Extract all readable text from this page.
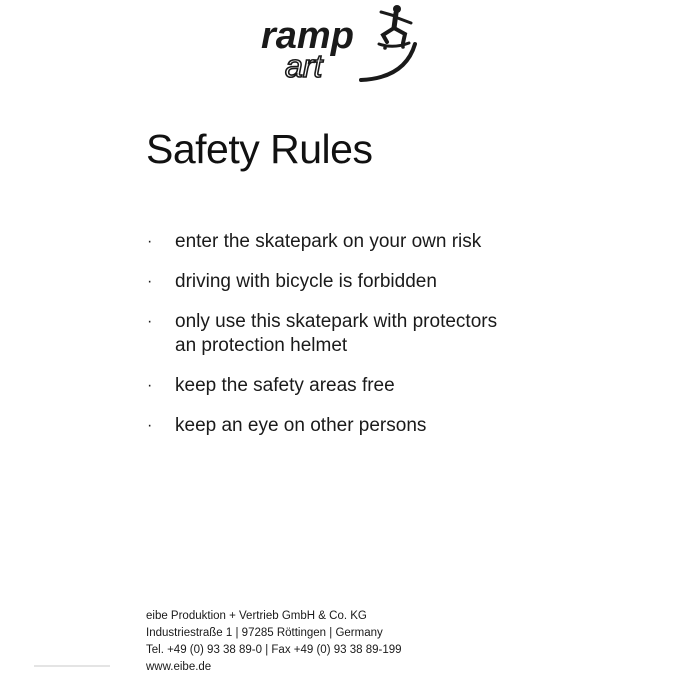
ramp
art
Safety Rules
· enter the skatepark on your own risk
· driving with bicycle is forbidden
· only use this skatepark with protectors
an protection helmet
· keep the safety areas free
· keep an eye on other persons
eibe Produktion + Vertrieb GmbH & Co. KG
Industriestraße 1 | 97285 Röttingen | Germany
Tel. +49 (0) 93 38 89-0 | Fax +49 (0) 93 38 89-199
www.eibe.de
